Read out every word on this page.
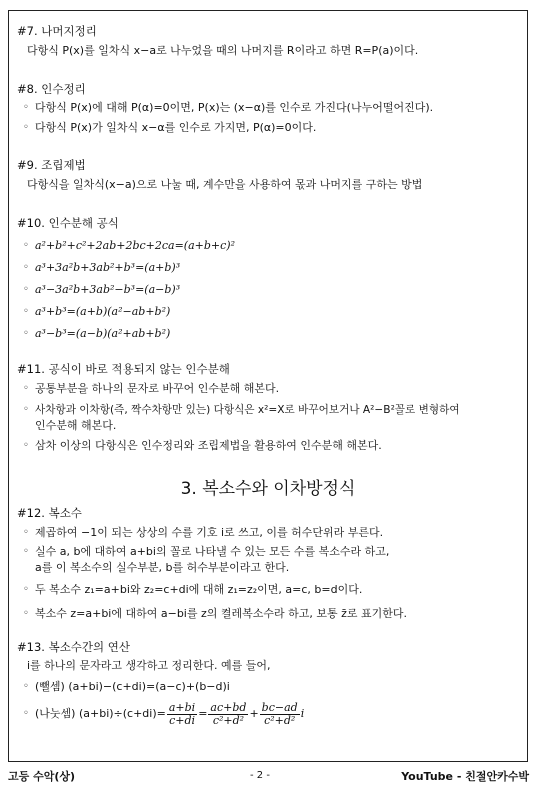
#7. 나머지정리
다항식 P(x)를 일차식 x−a로 나누었을 때의 나머지를 R이라고 하면 R=P(a)이다.
#8. 인수정리
◦ 다항식 P(x)에 대해 P(α)=0이면, P(x)는 (x−α)를 인수로 가진다(나누어떨어진다).
◦ 다항식 P(x)가 일차식 x−α를 인수로 가지면, P(α)=0이다.
#9. 조립제법
다항식을 일차식(x−a)으로 나눌 때, 계수만을 사용하여 몫과 나머지를 구하는 방법
#10. 인수분해 공식
◦ a²+b²+c²+2ab+2bc+2ca=(a+b+c)²
◦ a³+3a²b+3ab²+b³=(a+b)³
◦ a³−3a²b+3ab²−b³=(a−b)³
◦ a³+b³=(a+b)(a²−ab+b²)
◦ a³−b³=(a−b)(a²+ab+b²)
#11. 공식이 바로 적용되지 않는 인수분해
◦ 공통부분을 하나의 문자로 바꾸어 인수분해 해본다.
◦ 사차항과 이차항(즉, 짝수차항만 있는) 다항식은 x²=X로 바꾸어보거나 A²−B²꼴로 변형하여
인수분해 해본다.
◦ 삼차 이상의 다항식은 인수정리와 조립제법을 활용하여 인수분해 해본다.
3. 복소수와 이차방정식
#12. 복소수
◦ 제곱하여 −1이 되는 상상의 수를 기호 i로 쓰고, 이를 허수단위라 부른다.
◦ 실수 a, b에 대하여 a+bi의 꼴로 나타낼 수 있는 모든 수를 복소수라 하고,
a를 이 복소수의 실수부분, b를 허수부분이라고 한다.
◦ 두 복소수 z₁=a+bi와 z₂=c+di에 대해 z₁=z₂이면, a=c, b=d이다.
◦ 복소수 z=a+bi에 대하여 a−bi를 z의 켤레복소수라 하고, 보통 z̄로 표기한다.
#13. 복소수간의 연산
i를 하나의 문자라고 생각하고 정리한다. 예를 들어,
◦ (뺄셈) (a+bi)−(c+di)=(a−c)+(b−d)i
◦ (나눗셈) $(a+bi)\div(c+di)= \frac{a+bi}{c+di} = \frac{ac+bd}{\text{c²+d²}} + \frac{bc-ad}{\text{c²+d²}}$ i
고등 수악(상)	- 2 -	YouTube - 친절안카수박
